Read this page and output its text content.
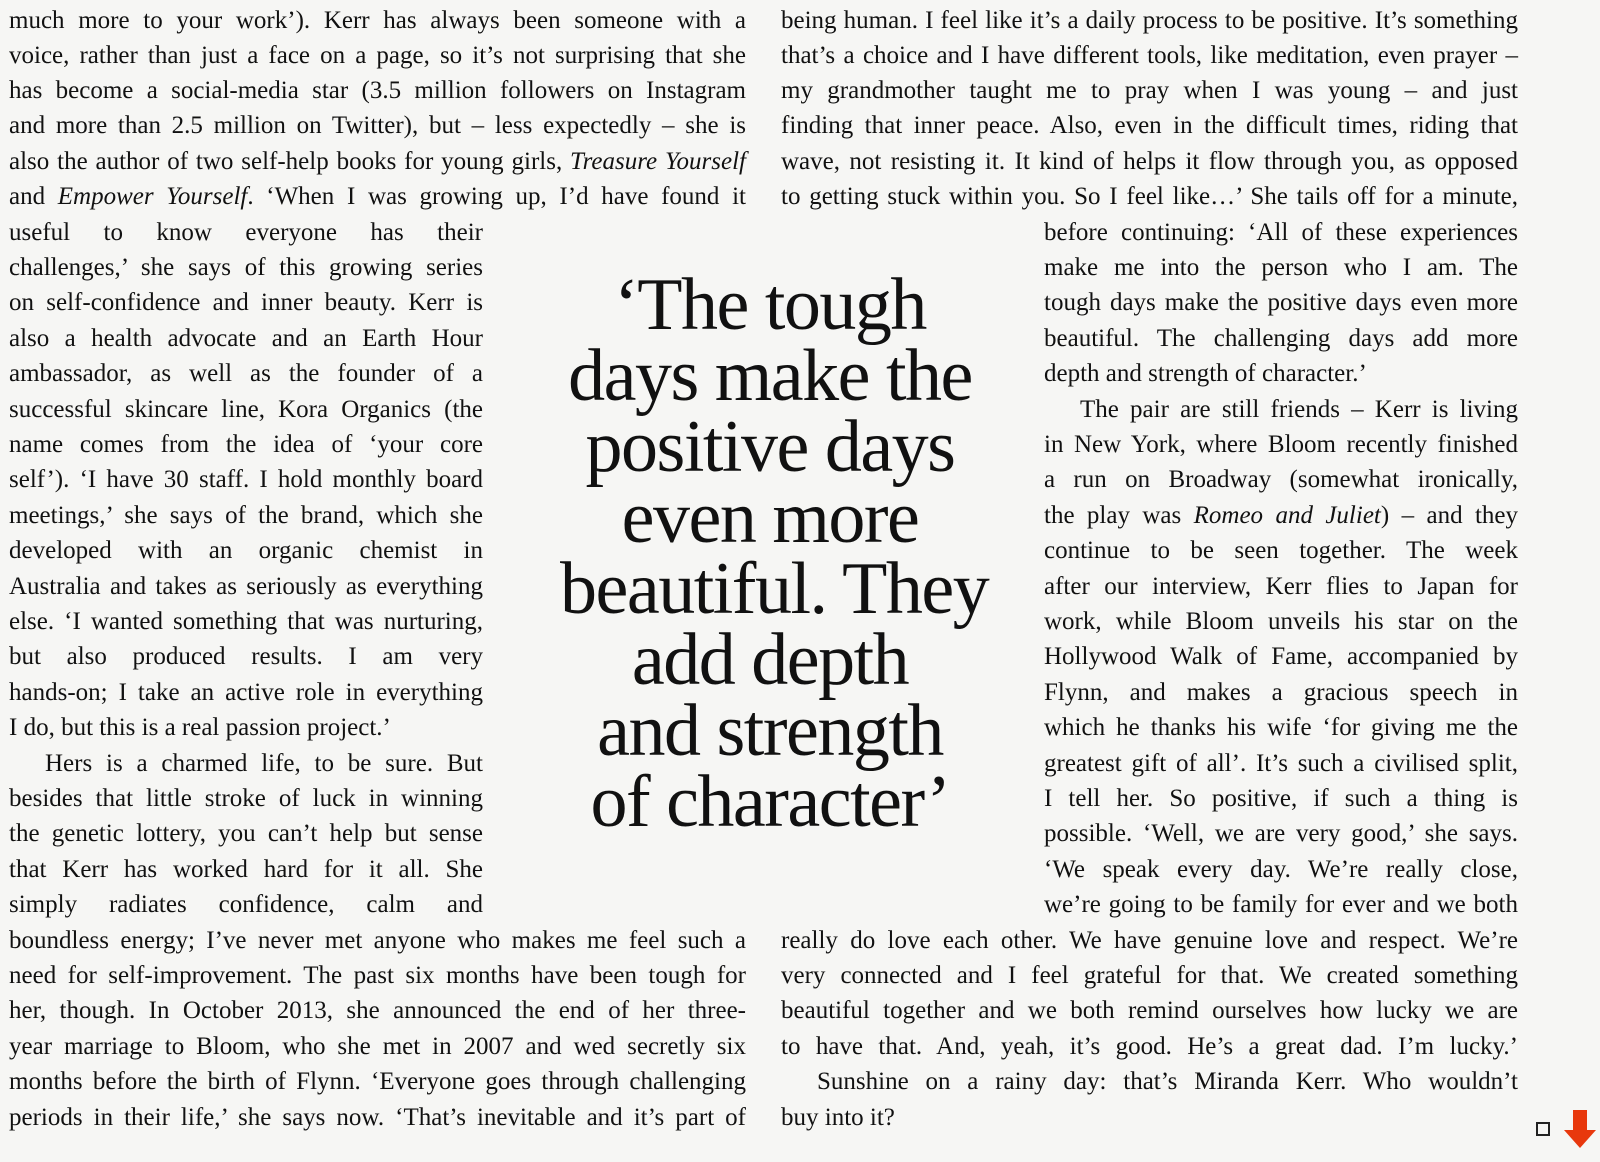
much more to your work’). Kerr has always been someone with a
voice, rather than just a face on a page, so it’s not surprising that she
has become a social-media star (3.5 million followers on Instagram
and more than 2.5 million on Twitter), but – less expectedly – she is
also the author of two self-help books for young girls, Treasure Yourself
and Empower Yourself. ‘When I was growing up, I’d have found it
useful to know everyone has their
challenges,’ she says of this growing series
on self-confidence and inner beauty. Kerr is
also a health advocate and an Earth Hour
ambassador, as well as the founder of a
successful skincare line, Kora Organics (the
name comes from the idea of ‘your core
self’). ‘I have 30 staff. I hold monthly board
meetings,’ she says of the brand, which she
developed with an organic chemist in
Australia and takes as seriously as everything
else. ‘I wanted something that was nurturing,
but also produced results. I am very
hands-on; I take an active role in everything
I do, but this is a real passion project.’
Hers is a charmed life, to be sure. But
besides that little stroke of luck in winning
the genetic lottery, you can’t help but sense
that Kerr has worked hard for it all. She
simply radiates confidence, calm and
boundless energy; I’ve never met anyone who makes me feel such a
need for self-improvement. The past six months have been tough for
her, though. In October 2013, she announced the end of her three-
year marriage to Bloom, who she met in 2007 and wed secretly six
months before the birth of Flynn. ‘Everyone goes through challenging
periods in their life,’ she says now. ‘That’s inevitable and it’s part of
‘The tough
days make the
positive days
even more
beautiful. They
add depth
and strength
of character’
being human. I feel like it’s a daily process to be positive. It’s something
that’s a choice and I have different tools, like meditation, even prayer –
my grandmother taught me to pray when I was young – and just
finding that inner peace. Also, even in the difficult times, riding that
wave, not resisting it. It kind of helps it flow through you, as opposed
to getting stuck within you. So I feel like…’ She tails off for a minute,
before continuing: ‘All of these experiences
make me into the person who I am. The
tough days make the positive days even more
beautiful. The challenging days add more
depth and strength of character.’
The pair are still friends – Kerr is living
in New York, where Bloom recently finished
a run on Broadway (somewhat ironically,
the play was Romeo and Juliet) – and they
continue to be seen together. The week
after our interview, Kerr flies to Japan for
work, while Bloom unveils his star on the
Hollywood Walk of Fame, accompanied by
Flynn, and makes a gracious speech in
which he thanks his wife ‘for giving me the
greatest gift of all’. It’s such a civilised split,
I tell her. So positive, if such a thing is
possible. ‘Well, we are very good,’ she says.
‘We speak every day. We’re really close,
we’re going to be family for ever and we both
really do love each other. We have genuine love and respect. We’re
very connected and I feel grateful for that. We created something
beautiful together and we both remind ourselves how lucky we are
to have that. And, yeah, it’s good. He’s a great dad. I’m lucky.’
Sunshine on a rainy day: that’s Miranda Kerr. Who wouldn’t
buy into it?
